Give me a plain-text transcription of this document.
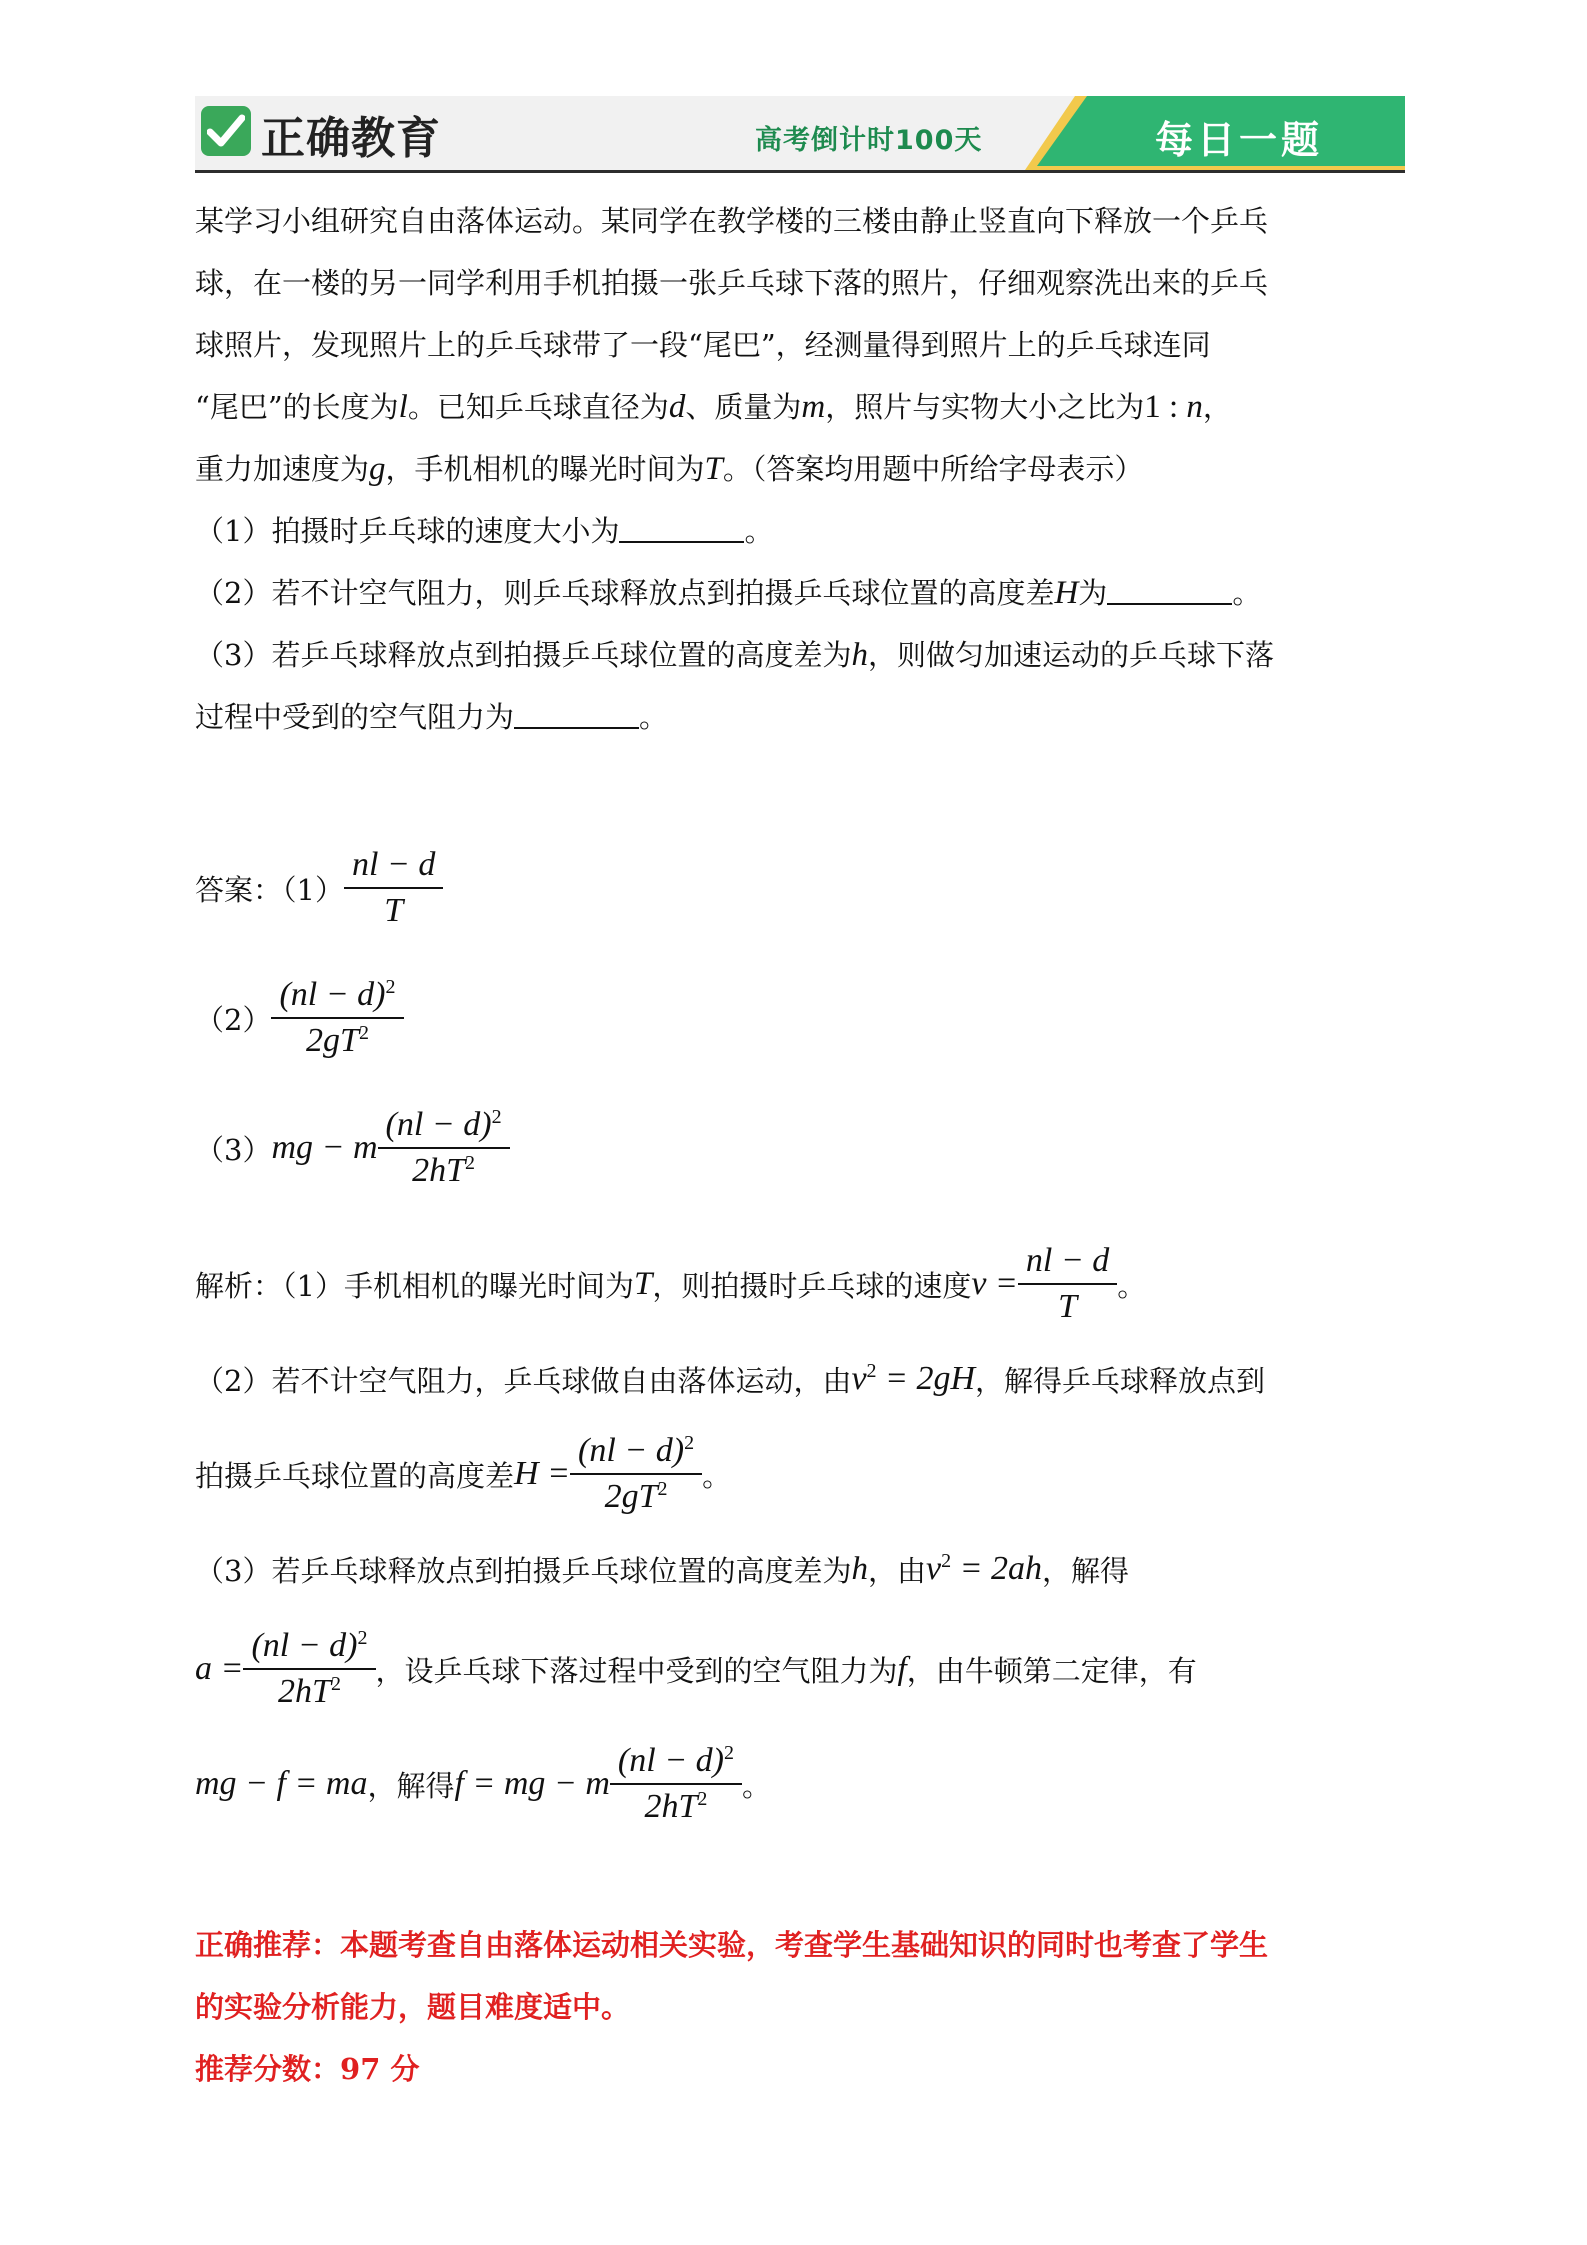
正确教育	高考倒计时100天	每日一题

某学习小组研究自由落体运动。某同学在教学楼的三楼由静止竖直向下释放一个乒乓

球，在一楼的另一同学利用手机拍摄一张乒乓球下落的照片，仔细观察洗出来的乒乓

球照片，发现照片上的乒乓球带了一段“尾巴”，经测量得到照片上的乒乓球连同

“尾巴”的长度为l。已知乒乓球直径为d、质量为m，照片与实物大小之比为1 : n，

重力加速度为g，手机相机的曝光时间为T。（答案均用题中所给字母表示）

（1）拍摄时乒乓球的速度大小为	。

（2）若不计空气阻力，则乒乓球释放点到拍摄乒乓球位置的高度差H为	。

（3）若乒乓球释放点到拍摄乒乓球位置的高度差为h，则做匀加速运动的乒乓球下落

过程中受到的空气阻力为	。

答案：$(1) \frac{nl - d}{T}$
$(2) \frac{(nl - d)^2}{2gT^2}$
（3） mg − m $\frac{(nl - d)^2}{2hT^2}$
解析：（1）手机相机的曝光时间为 T ，则拍摄时乒乓球的速度 $v = \frac{nl - d}{T}$ 。
（2）若不计空气阻力，乒乓球做自由落体运动，由 $v^2 = 2gH$ ，解得乒乓球释放点到
拍摄乒乓球位置的高度差 $H = \frac{(nl - d)^2}{2gT^2}$ 。
（3）若乒乓球释放点到拍摄乒乓球位置的高度差为 h ，由 $v^2 = 2ah$ ，解得
$a = \frac{(nl - d)^2}{2hT^2}$ ，设乒乓球下落过程中受到的空气阻力为 f ，由牛顿第二定律，有
mg − f = ma ，解得 f = mg − m $\frac{(nl - d)^2}{2hT^2}$ 。

正确推荐：本题考查自由落体运动相关实验，考查学生基础知识的同时也考查了学生

的实验分析能力，题目难度适中。

推荐分数：97 分
